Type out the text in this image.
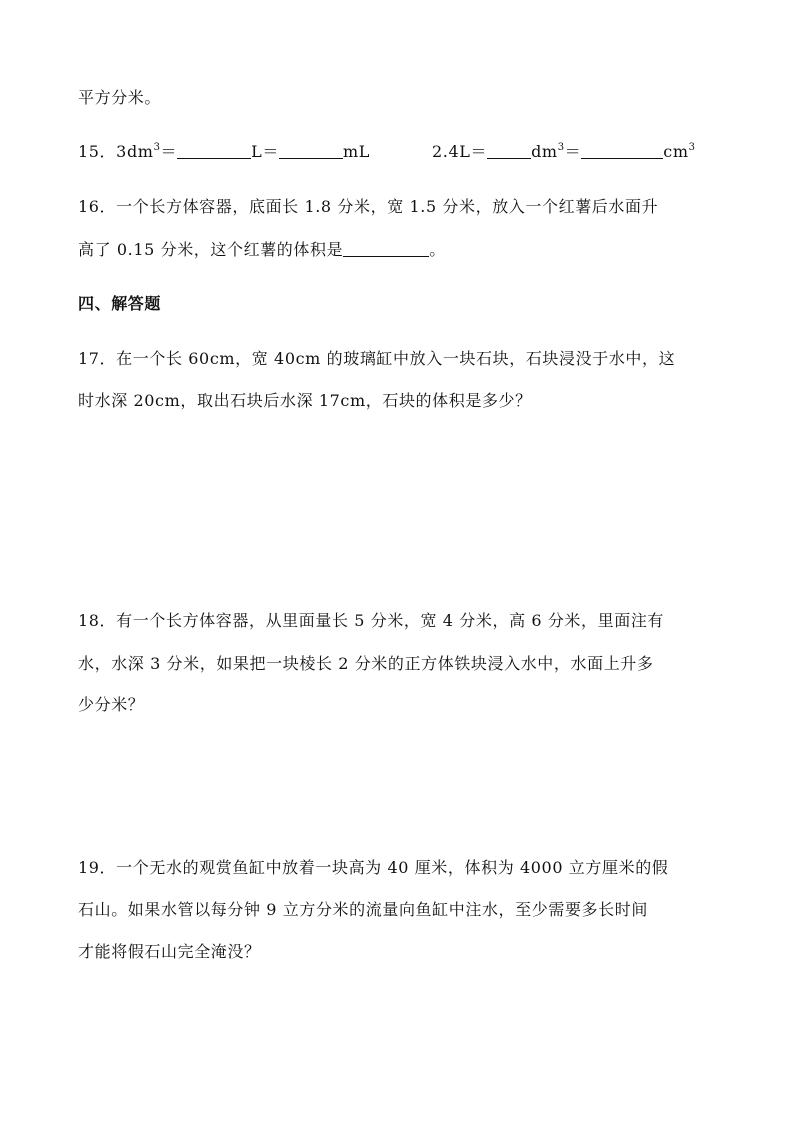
平方分米。
15．$3dm^3=$	L＝	mL	2.4L＝	$dm^3=$	$cm^3$
16．一个长方体容器，底面长 1.8 分米，宽 1.5 分米，放入一个红薯后水面升
高了 0.15 分米，这个红薯的体积是	。
四、解答题
17．在一个长 60cm，宽 40cm 的玻璃缸中放入一块石块，石块浸没于水中，这
时水深 20cm，取出石块后水深 17cm，石块的体积是多少？
18．有一个长方体容器，从里面量长 5 分米，宽 4 分米，高 6 分米，里面注有
水，水深 3 分米，如果把一块棱长 2 分米的正方体铁块浸入水中，水面上升多
少分米？
19．一个无水的观赏鱼缸中放着一块高为 40 厘米，体积为 4000 立方厘米的假
石山。如果水管以每分钟 9 立方分米的流量向鱼缸中注水，至少需要多长时间
才能将假石山完全淹没？
